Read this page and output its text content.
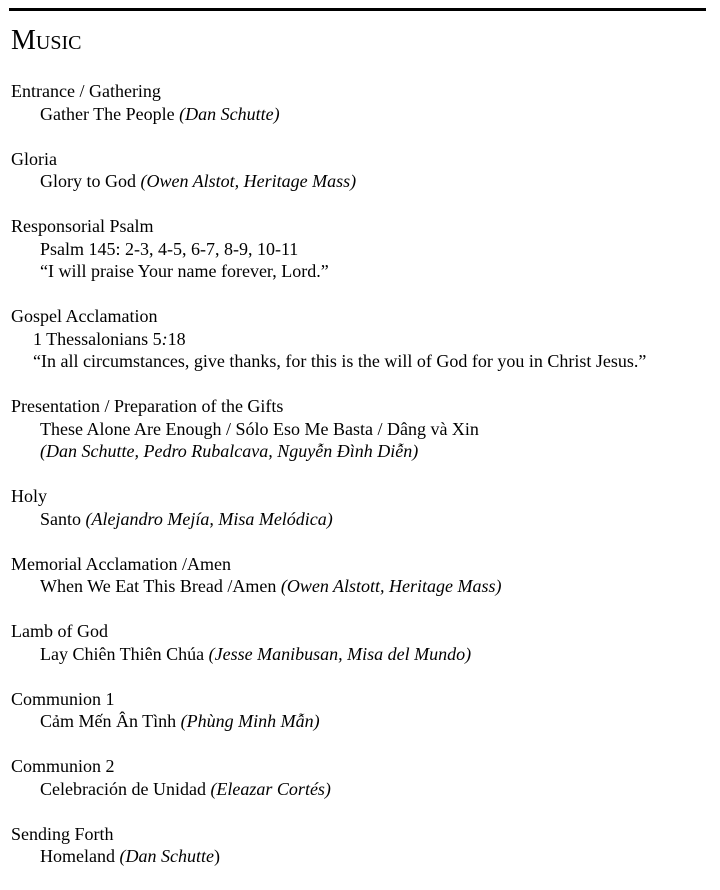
Music
Entrance / Gathering
Gather The People (Dan Schutte)
Gloria
Glory to God (Owen Alstot, Heritage Mass)
Responsorial Psalm
Psalm 145: 2-3, 4-5, 6-7, 8-9, 10-11
“I will praise Your name forever, Lord.”
Gospel Acclamation
1 Thessalonians 5:18
“In all circumstances, give thanks, for this is the will of God for you in Christ Jesus.”
Presentation / Preparation of the Gifts
These Alone Are Enough / Sólo Eso Me Basta / Dâng và Xin
(Dan Schutte, Pedro Rubalcava, Nguyễn Đình Diễn)
Holy
Santo (Alejandro Mejía, Misa Melódica)
Memorial Acclamation /Amen
When We Eat This Bread /Amen (Owen Alstott, Heritage Mass)
Lamb of God
Lay Chiên Thiên Chúa (Jesse Manibusan, Misa del Mundo)
Communion 1
Cảm Mến Ân Tình (Phùng Minh Mẫn)
Communion 2
Celebración de Unidad (Eleazar Cortés)
Sending Forth
Homeland (Dan Schutte)
